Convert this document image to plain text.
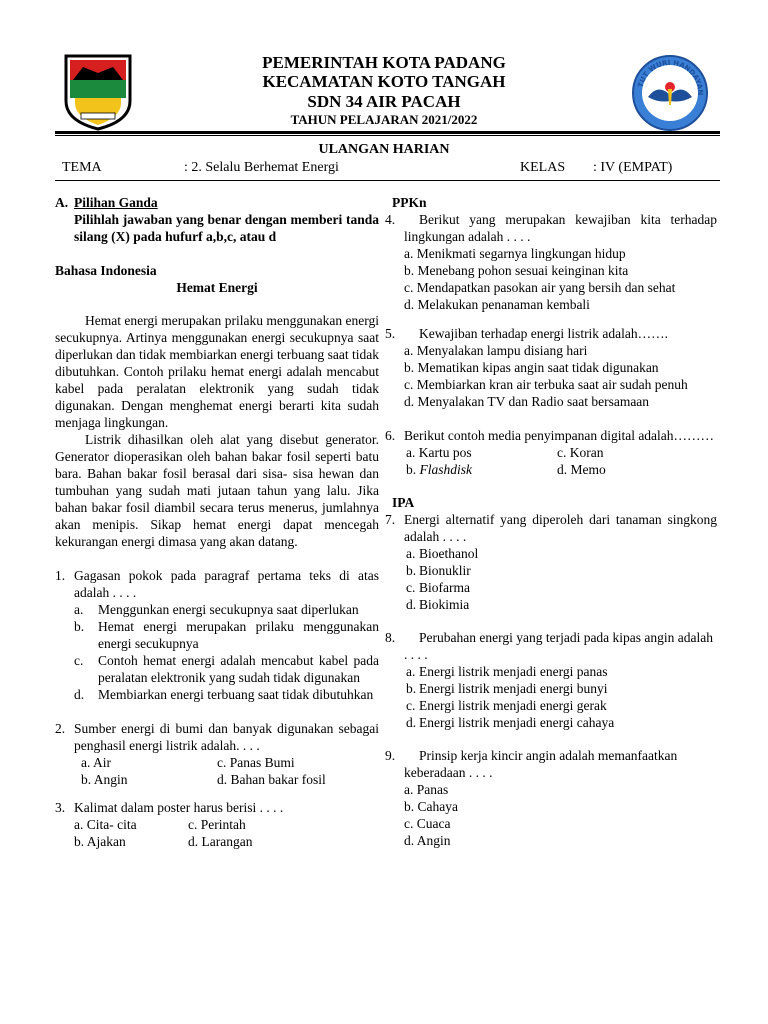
TUT WURI HANDAYAN
PEMERINTAH KOTA PADANG
KECAMATAN KOTO TANGAH
SDN 34 AIR PACAH
TAHUN PELAJARAN 2021/2022
ULANGAN HARIAN
TEMA	: 2. Selalu Berhemat Energi	KELAS : IV (EMPAT)
A. Pilihan Ganda
Pilihlah jawaban yang benar dengan memberi tanda silang (X) pada hufurf a,b,c, atau d
Bahasa Indonesia
Hemat Energi
Hemat energi merupakan prilaku menggunakan energi secukupnya. Artinya menggunakan energi secukupnya saat diperlukan dan tidak membiarkan energi terbuang saat tidak dibutuhkan. Contoh prilaku hemat energi adalah mencabut kabel pada peralatan elektronik yang sudah tidak digunakan. Dengan menghemat energi berarti kita sudah menjaga lingkungan.
Listrik dihasilkan oleh alat yang disebut generator. Generator dioperasikan oleh bahan bakar fosil seperti batu bara. Bahan bakar fosil berasal dari sisa- sisa hewan dan tumbuhan yang sudah mati jutaan tahun yang lalu. Jika bahan bakar fosil diambil secara terus menerus, jumlahnya akan menipis. Sikap hemat energi dapat mencegah kekurangan energi dimasa yang akan datang.
1. Gagasan pokok pada paragraf pertama teks di atas adalah . . . .
a.	Menggunkan energi secukupnya saat diperlukan
b.	Hemat energi merupakan prilaku menggunakan energi secukupnya
c.	Contoh hemat energi adalah mencabut kabel pada peralatan elektronik yang sudah tidak digunakan
d.	Membiarkan energi terbuang saat tidak dibutuhkan
2. Sumber energi di bumi dan banyak digunakan sebagai penghasil energi listrik adalah. . . .
a. Air	c. Panas Bumi
b. Angin	d. Bahan bakar fosil
3. Kalimat dalam poster harus berisi . . . .
a. Cita- cita	c. Perintah
b. Ajakan	d. Larangan
PPKn
4.	Berikut yang merupakan kewajiban kita terhadap lingkungan adalah . . . .
a. Menikmati segarnya lingkungan hidup
b. Menebang pohon sesuai keinginan kita
c. Mendapatkan pasokan air yang bersih dan sehat
d. Melakukan penanaman kembali
5.	Kewajiban terhadap energi listrik adalah…….
a. Menyalakan lampu disiang hari
b. Mematikan kipas angin saat tidak digunakan
c. Membiarkan kran air terbuka saat air sudah penuh
d. Menyalakan TV dan Radio saat bersamaan
6. Berikut contoh media penyimpanan digital adalah………
a. Kartu pos	c. Koran
b. Flashdisk	d. Memo
IPA
7. Energi alternatif yang diperoleh dari tanaman singkong adalah . . . .
a. Bioethanol
b. Bionuklir
c. Biofarma
d. Biokimia
8.	Perubahan energi yang terjadi pada kipas angin adalah . . . .
a. Energi listrik menjadi energi panas
b. Energi listrik menjadi energi bunyi
c. Energi listrik menjadi energi gerak
d. Energi listrik menjadi energi cahaya
9.	Prinsip kerja kincir angin adalah memanfaatkan keberadaan . . . .
a. Panas
b. Cahaya
c. Cuaca
d. Angin
